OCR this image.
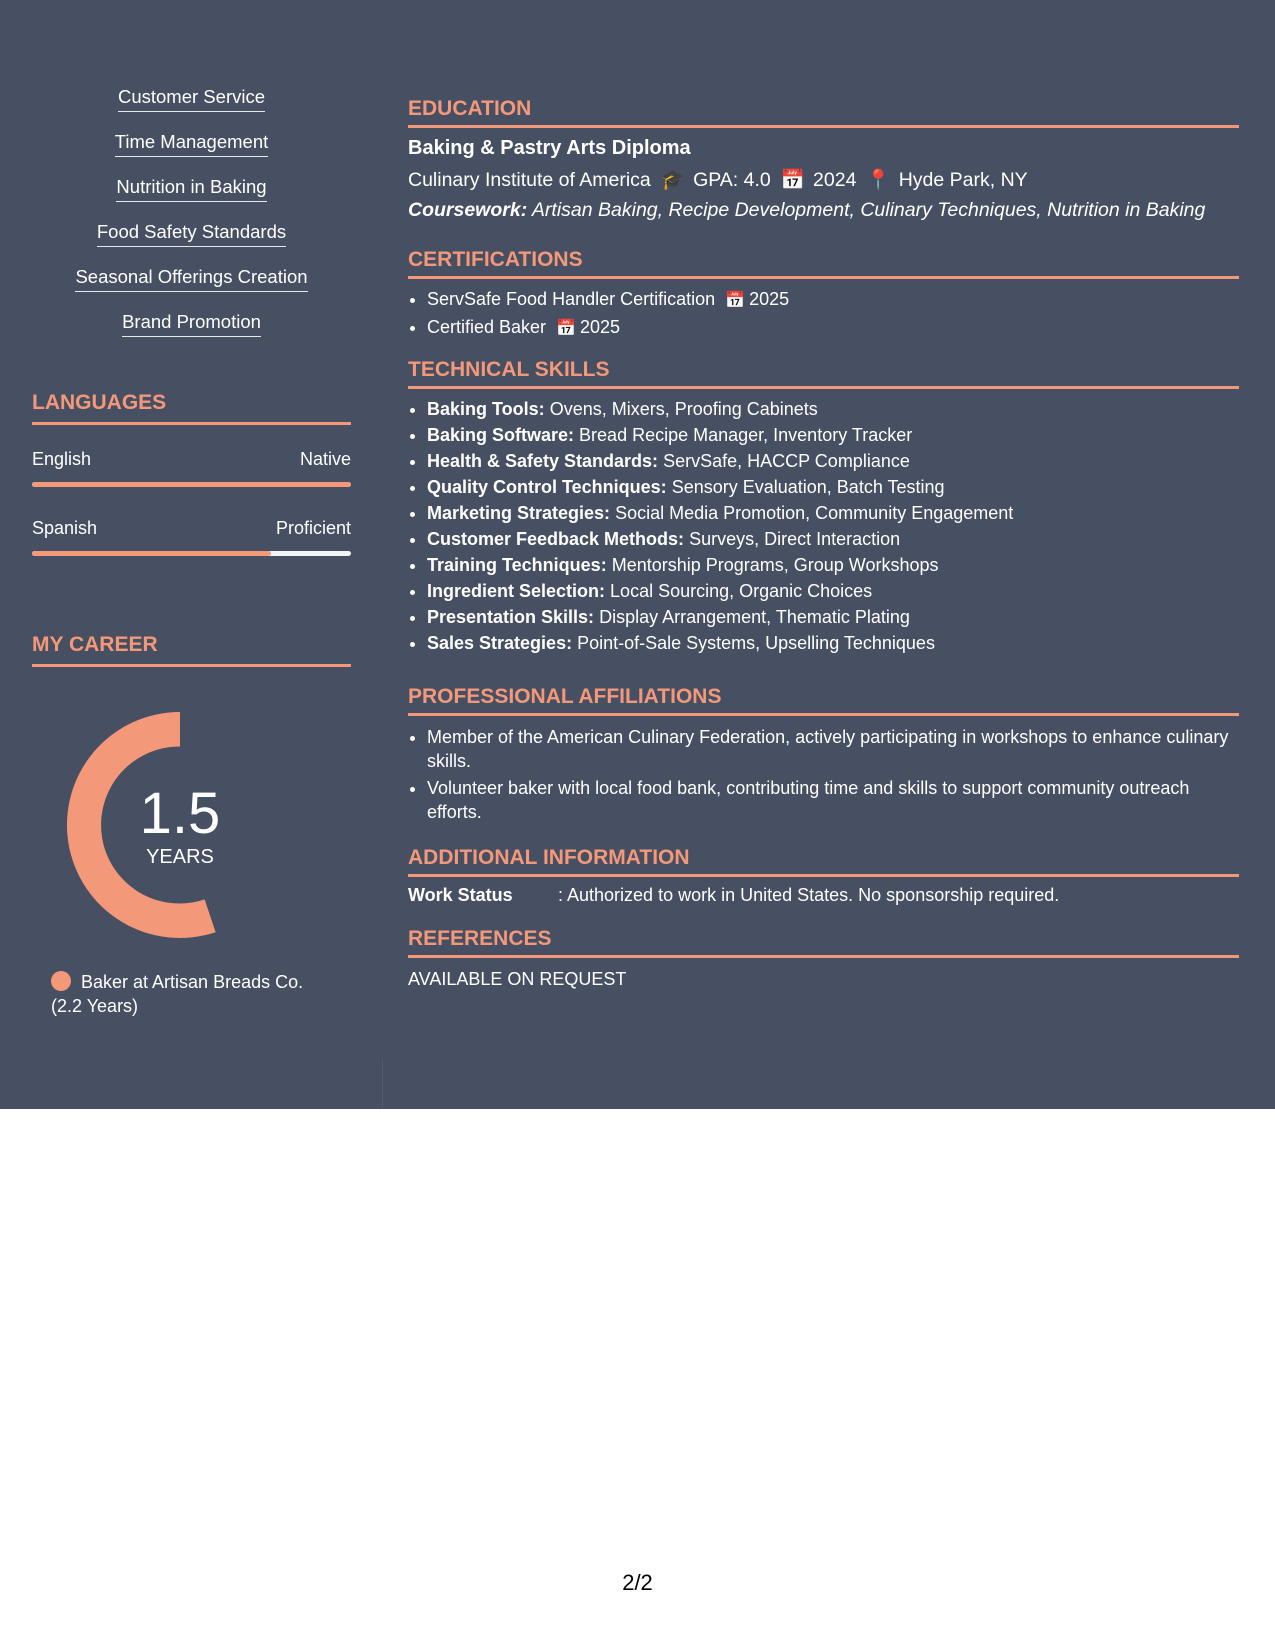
Customer Service
Time Management
Nutrition in Baking
Food Safety Standards
Seasonal Offerings Creation
Brand Promotion
LANGUAGES
English	Native
Spanish	Proficient
MY CAREER
1.5
YEARS
Baker at Artisan Breads Co.
(2.2 Years)
EDUCATION
Baking & Pastry Arts Diploma
Culinary Institute of America 🎓 GPA: 4.0 📅 2024 📍 Hyde Park, NY
Coursework: Artisan Baking, Recipe Development, Culinary Techniques, Nutrition in Baking
CERTIFICATIONS
• ServSafe Food Handler Certification 📅 2025
• Certified Baker 📅 2025
TECHNICAL SKILLS
• Baking Tools: Ovens, Mixers, Proofing Cabinets
• Baking Software: Bread Recipe Manager, Inventory Tracker
• Health & Safety Standards: ServSafe, HACCP Compliance
• Quality Control Techniques: Sensory Evaluation, Batch Testing
• Marketing Strategies: Social Media Promotion, Community Engagement
• Customer Feedback Methods: Surveys, Direct Interaction
• Training Techniques: Mentorship Programs, Group Workshops
• Ingredient Selection: Local Sourcing, Organic Choices
• Presentation Skills: Display Arrangement, Thematic Plating
• Sales Strategies: Point-of-Sale Systems, Upselling Techniques
PROFESSIONAL AFFILIATIONS
• Member of the American Culinary Federation, actively participating in workshops to enhance culinary skills.
• Volunteer baker with local food bank, contributing time and skills to support community outreach efforts.
ADDITIONAL INFORMATION
Work Status	: Authorized to work in United States. No sponsorship required.
REFERENCES
AVAILABLE ON REQUEST
2/2
